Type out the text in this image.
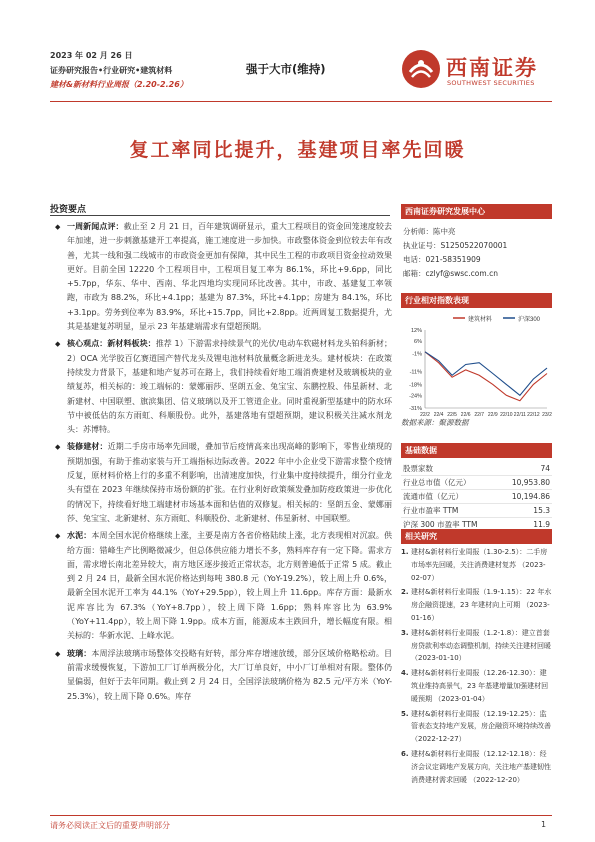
2023 年 02 月 26 日
证券研究报告•行业研究•建筑材料
建材&新材料行业周报（2.20-2.26）
强于大市(维持)	西南证券
SOUTHWEST SECURITIES
复工率同比提升，基建项目率先回暖
投资要点
◆ 一周新闻点评：截止至 2 月 21 日，百年建筑调研显示，重大工程项目的资金回笼速度较去年加速，进一步刺激基建开工率提高，施工速度进一步加快。市政整体资金到位较去年有改善，尤其一线和强二线城市的市政资金更加有保障，其中民生工程的市政项目资金拉动效果更好。目前全国 12220 个工程项目中，工程项目复工率为 86.1%，环比+9.6pp，同比+5.7pp，华东、华中、西南、华北四地均实现同环比改善。其中，市政、基建复工率领跑，市政为 88.2%，环比+4.1pp；基建为 87.3%，环比+4.1pp；房建为 84.1%，环比+3.1pp。劳务到位率为 83.9%，环比+15.7pp，同比+2.8pp。近两周复工数据提升，尤其是基建复苏明显，显示 23 年基建端需求有望超预期。
◆ 核心观点：新材料板块：推荐 1）下游需求持续景气的光伏/电动车软磁材料龙头铂科新材；2）OCA 光学胶百亿赛道国产替代龙头及锂电池材料放量概念新进龙头。建材板块：在政策持续发力背景下，基建和地产复苏可在路上，我们持续看好地工端消费建材及玻璃板块的业绩复苏，相关标的：竣工端标的：蒙娜丽莎、坚朗五金、兔宝宝、东鹏控股、伟星新材、北新建材、中国联塑、旗滨集团、信义玻璃以及开工管道企业。同时重视新型基建中的防水环节中被低估的东方雨虹、科顺股份。此外，基建落地有望超预期，建议积极关注减水剂龙头：苏博特。
◆ 装修建材：近期二手房市场率先回暖，叠加节后疫情高来出现高峰的影响下，零售业绩现的预期加强，有助于推动家装与开工端指标边际改善。2022 年中小企业受下游需求整个疫情反复，原材料价格上行的多重不利影响，出清速度加快，行业集中度持续提升，细分行业龙头有望在 2023 年继续保持市场份额的扩张。在行业利好政策频发叠加防疫政策进一步优化的情况下，持续看好地工端建材市场基本面和估值的双修复。相关标的：坚朗五金、蒙娜丽莎、兔宝宝、北新建材、东方雨虹、科顺股份、北新建材、伟星新材、中国联塑。
◆ 水泥：本周全国水泥价格继续上涨，主要是南方各省价格陆续上涨，北方表现相对沉寂。供给方面：错峰生产比例略微减少，但总体供应能力增长不多，熟料库存有一定下降。需求方面，需求增长南北差异较大，南方地区逐步接近正常状态，北方则普遍低于正常 5 成。截止到 2 月 24 日，最新全国水泥价格达到每吨 380.8 元（YoY-19.2%），较上周上升 0.6%，最新全国水泥开工率为 44.1%（YoY+29.5pp），较上周上升 11.6pp。库存方面：最新水泥库容比为 67.3%（YoY+8.7pp），较上周下降 1.6pp；熟料库容比为 63.9%（YoY+11.4pp），较上周下降 1.9pp。成本方面，能源成本主跌回升，增长幅度有限。相关标的：华新水泥、上峰水泥。
◆ 玻璃：本周浮法玻璃市场整体交投略有好转，部分库存增速放缓，部分区域价格略松动。目前需求缓慢恢复，下游加工厂订单两极分化，大厂订单良好，中小厂订单相对有限。整体仍显偏弱，但好于去年同期。截止到 2 月 24 日，全国浮法玻璃价格为 82.5 元/平方米（YoY-25.3%），较上周下降 0.6%。库存
西南证券研究发展中心
分析师：陈中亮
执业证号：S1250522070001
电话：021-58351909
邮箱：czlyf@swsc.com.cn
行业相对指数表现
建筑材料	沪深300
12%
6%
-1%
-11%
-18%
-24%
-31%
22/2 22/4 22/5 22/6 22/7 22/9 22/10 22/11 22/12 23/2
数据来源：聚源数据
基础数据
股票家数	74
行业总市值（亿元）	10,953.80
流通市值（亿元）	10,194.86
行业市盈率 TTM	15.3
沪深 300 市盈率 TTM	11.9
相关研究
1. 建材&新材料行业周报（1.30-2.5）：二手房市场率先回暖，关注消费建材复苏 （2023-02-07）
2. 建材&新材料行业周报（1.9-1.15）：22 年水房企融资提速，23 年建材向上可期 （2023-01-16）
3. 建材&新材料行业周报（1.2-1.8）：建立首套房贷款利率动态调整机制，持续关注建材回暖 （2023-01-10）
4. 建材&新材料行业周报（12.26-12.30）：建筑业维持高景气，23 年基建增量加强建材回暖预期 （2023-01-04）
5. 建材&新材料行业周报（12.19-12.25）：监管表态支持地产发展，房企融资环境持续改善 （2022-12-27）
6. 建材&新材料行业周报（12.12-12.18）：经济会议定调地产发展方向，关注地产基建韧性消费建材需求回暖 （2022-12-20）
请务必阅读正文后的重要声明部分	1
